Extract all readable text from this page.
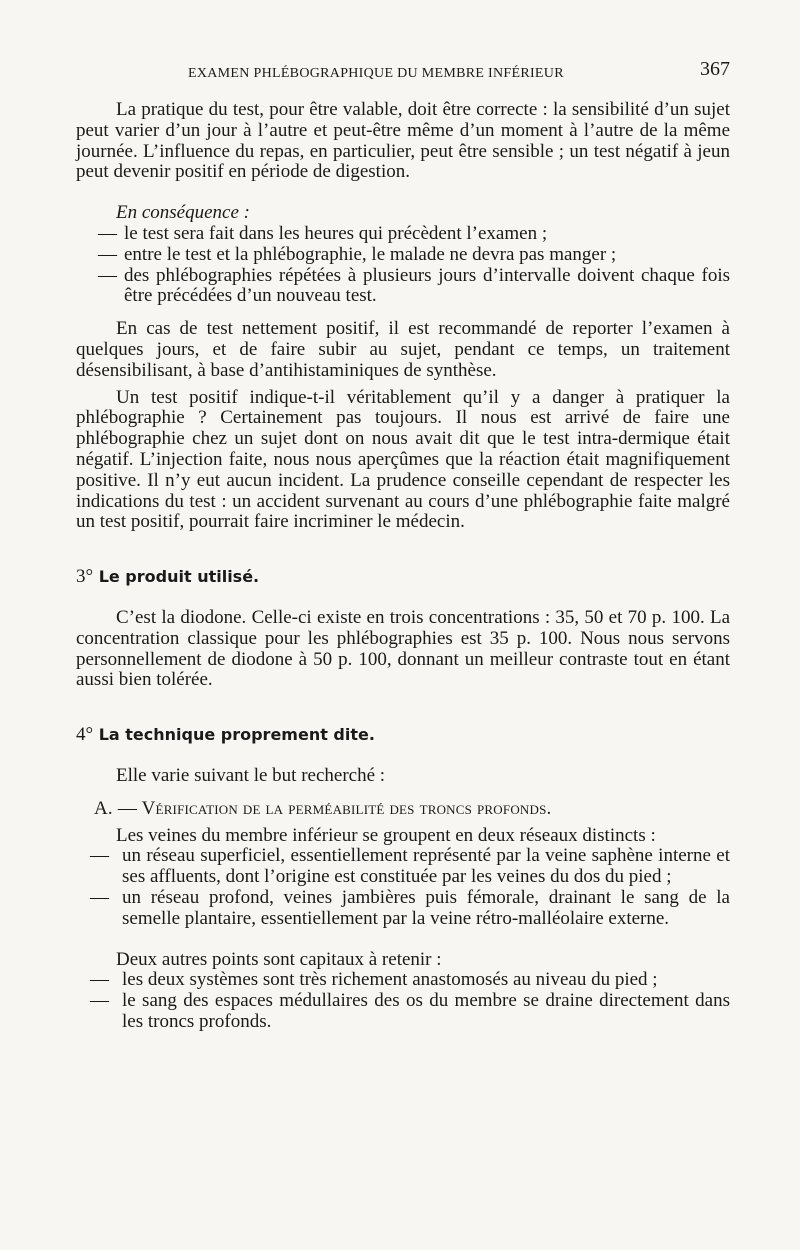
EXAMEN PHLÉBOGRAPHIQUE DU MEMBRE INFÉRIEUR	367

La pratique du test, pour être valable, doit être correcte : la sensibilité d’un sujet peut varier d’un jour à l’autre et peut-être même d’un moment à l’autre de la même journée. L’influence du repas, en particulier, peut être sensible ; un test négatif à jeun peut devenir positif en période de digestion.

En conséquence :

— le test sera fait dans les heures qui précèdent l’examen ;
— entre le test et la phlébographie, le malade ne devra pas manger ;
— des phlébographies répétées à plusieurs jours d’intervalle doivent chaque fois être précédées d’un nouveau test.

En cas de test nettement positif, il est recommandé de reporter l’examen à quelques jours, et de faire subir au sujet, pendant ce temps, un traitement désensibilisant, à base d’antihistaminiques de synthèse.

Un test positif indique-t-il véritablement qu’il y a danger à pratiquer la phlébographie ? Certainement pas toujours. Il nous est arrivé de faire une phlébographie chez un sujet dont on nous avait dit que le test intra-dermique était négatif. L’injection faite, nous nous aperçûmes que la réaction était magnifiquement positive. Il n’y eut aucun incident. La prudence conseille cependant de respecter les indications du test : un accident survenant au cours d’une phlébographie faite malgré un test positif, pourrait faire incriminer le médecin.

3° Le produit utilisé.

C’est la diodone. Celle-ci existe en trois concentrations : 35, 50 et 70 p. 100. La concentration classique pour les phlébographies est 35 p. 100. Nous nous servons personnellement de diodone à 50 p. 100, donnant un meilleur contraste tout en étant aussi bien tolérée.

4° La technique proprement dite.

Elle varie suivant le but recherché :

A. — Vérification de la perméabilité des troncs profonds.

Les veines du membre inférieur se groupent en deux réseaux distincts :

— un réseau superficiel, essentiellement représenté par la veine saphène interne et ses affluents, dont l’origine est constituée par les veines du dos du pied ;
— un réseau profond, veines jambières puis fémorale, drainant le sang de la semelle plantaire, essentiellement par la veine rétro-malléolaire externe.

Deux autres points sont capitaux à retenir :

— les deux systèmes sont très richement anastomosés au niveau du pied ;
— le sang des espaces médullaires des os du membre se draine directement dans les troncs profonds.
